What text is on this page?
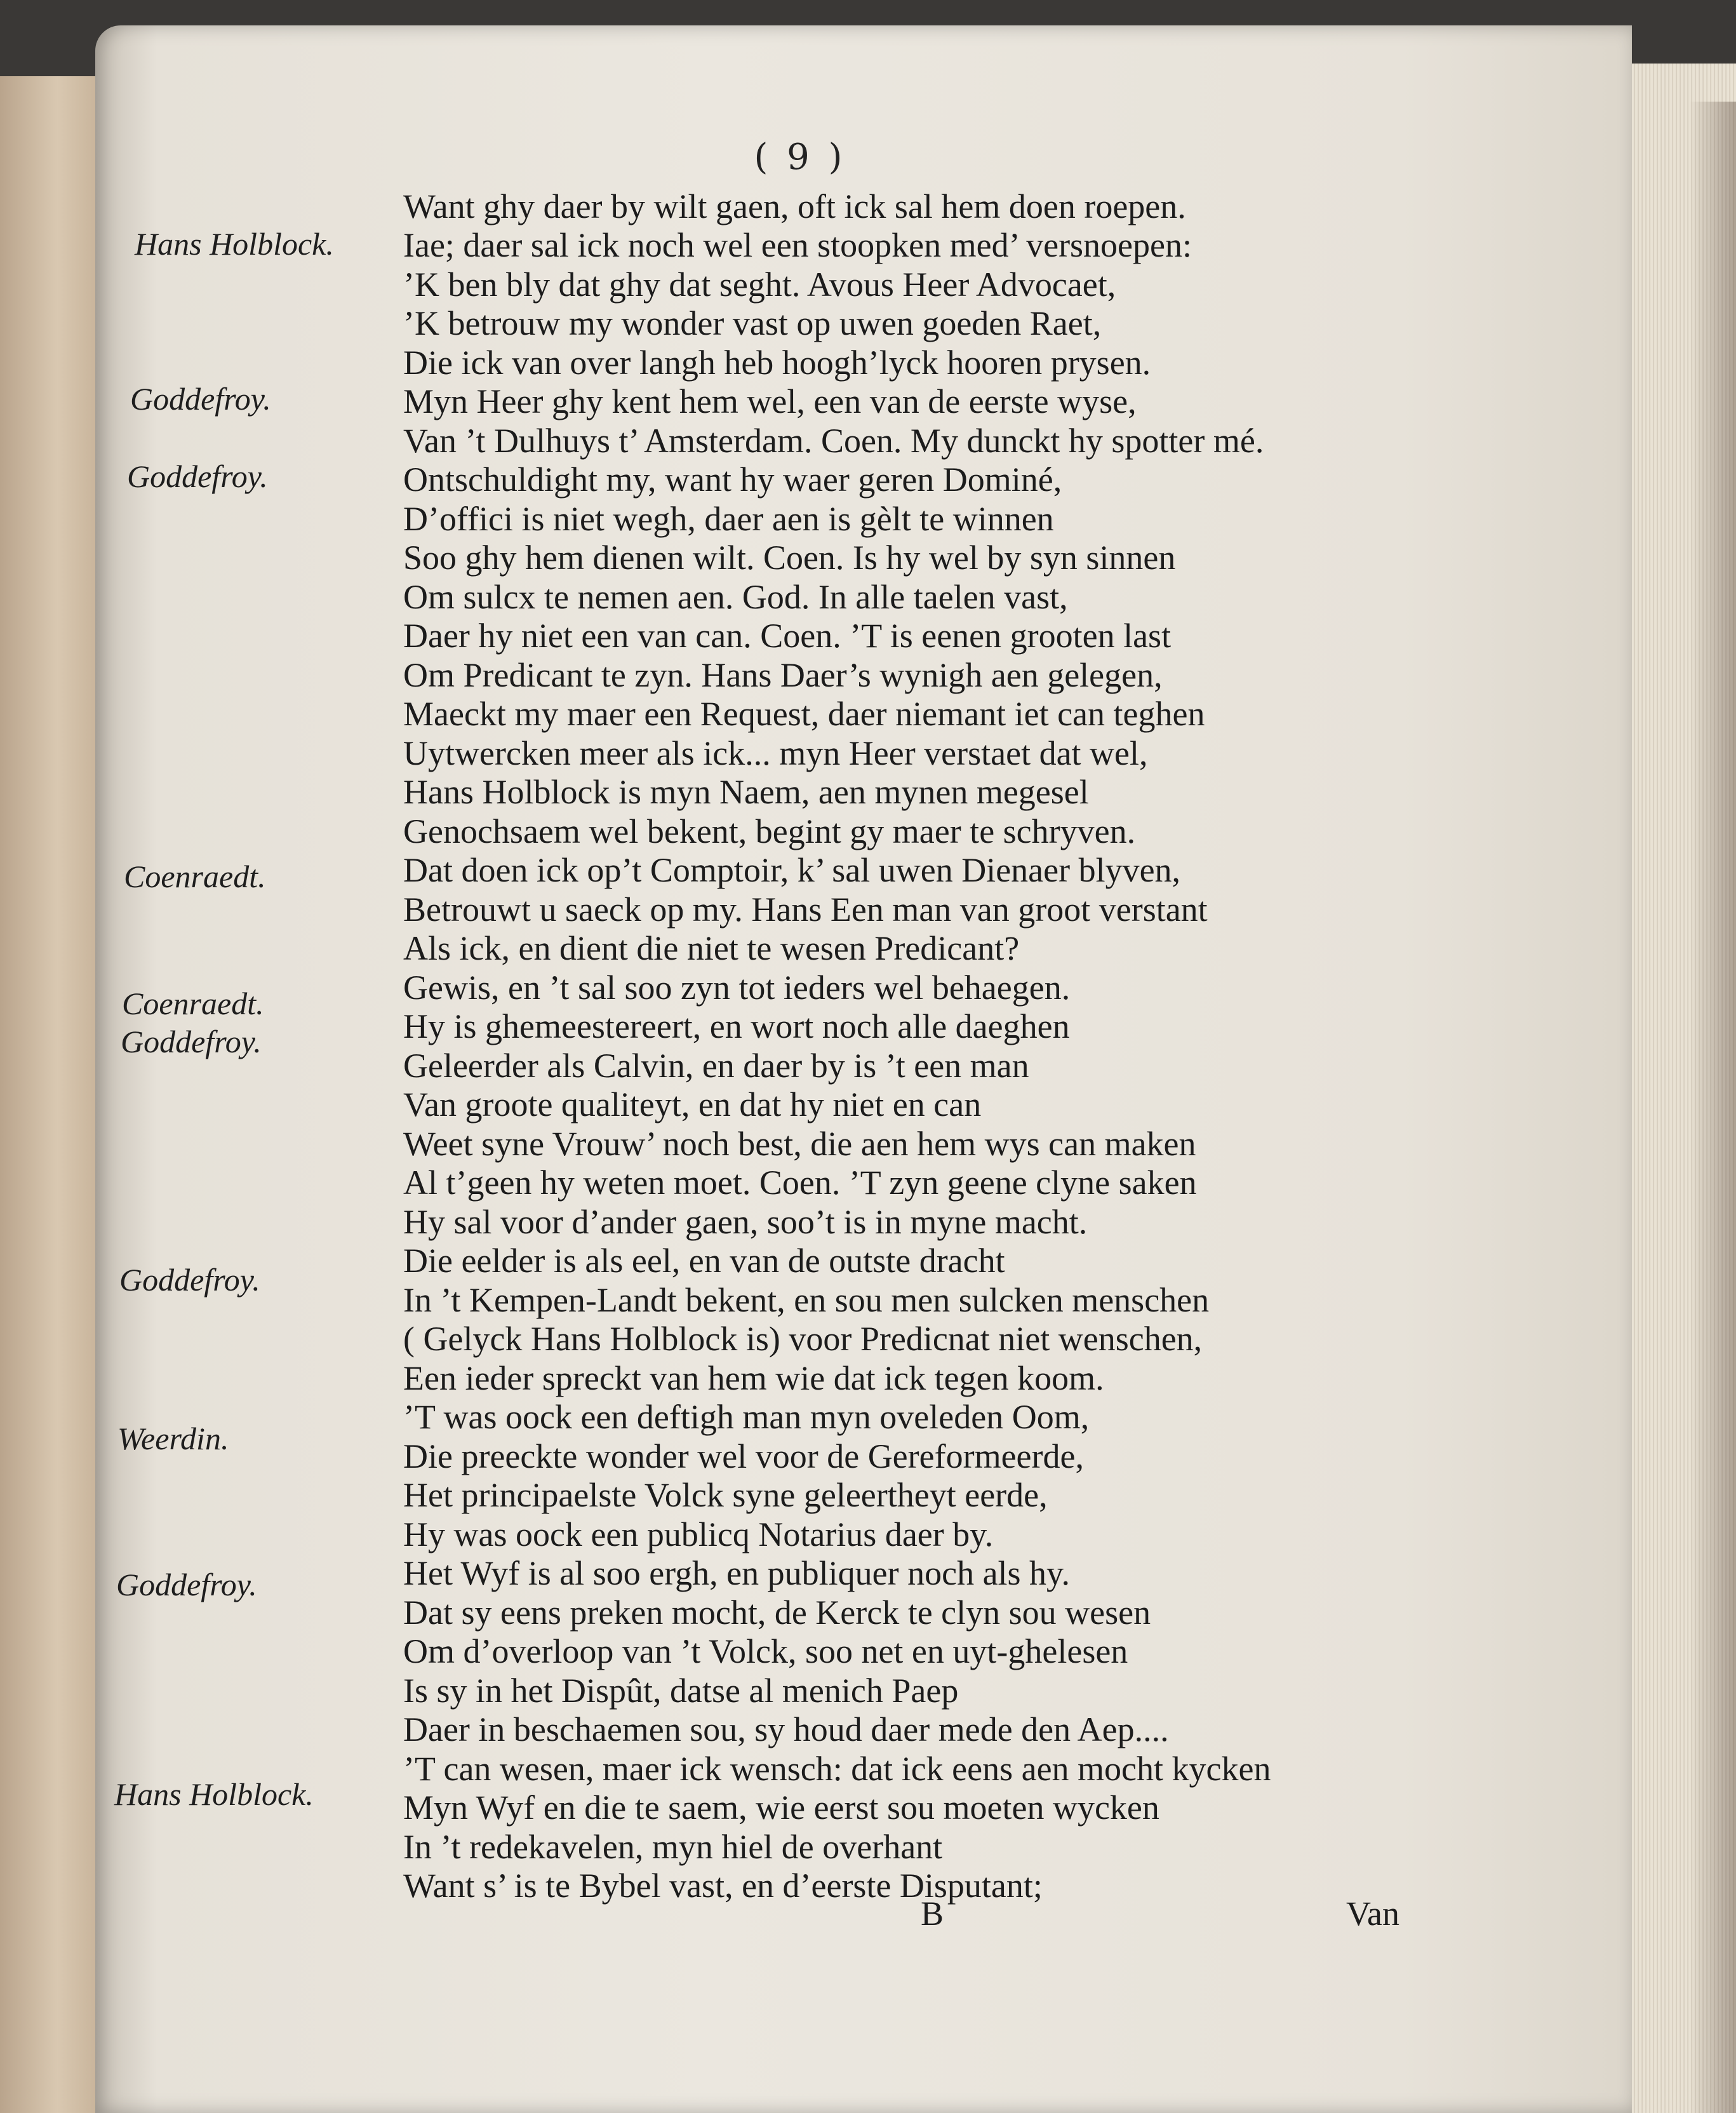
( 9 )
Hans Holblock.
Goddefroy.
Goddefroy.
Coenraedt.
Coenraedt.
Goddefroy.
Goddefroy.
Weerdin.
Goddefroy.
Hans Holblock.
Want ghy daer by wilt gaen, oft ick sal hem doen roepen.
Iae; daer sal ick noch wel een stoopken med’ versnoepen:
’K ben bly dat ghy dat seght. Avous Heer Advocaet,
’K betrouw my wonder vast op uwen goeden Raet,
Die ick van over langh heb hoogh’lyck hooren prysen.
Myn Heer ghy kent hem wel, een van de eerste wyse,
Van ’t Dulhuys t’ Amsterdam. Coen. My dunckt hy spotter mé.
Ontschuldight my, want hy waer geren Dominé,
D’offici is niet wegh, daer aen is gèlt te winnen
Soo ghy hem dienen wilt. Coen. Is hy wel by syn sinnen
Om sulcx te nemen aen. God. In alle taelen vast,
Daer hy niet een van can. Coen. ’T is eenen grooten last
Om Predicant te zyn. Hans Daer’s wynigh aen gelegen,
Maeckt my maer een Request, daer niemant iet can teghen
Uytwercken meer als ick... myn Heer verstaet dat wel,
Hans Holblock is myn Naem, aen mynen megesel
Genochsaem wel bekent, begint gy maer te schryven.
Dat doen ick op’t Comptoir, k’ sal uwen Dienaer blyven,
Betrouwt u saeck op my. Hans Een man van groot verstant
Als ick, en dient die niet te wesen Predicant?
Gewis, en ’t sal soo zyn tot ieders wel behaegen.
Hy is ghemeestereert, en wort noch alle daeghen
Geleerder als Calvin, en daer by is ’t een man
Van groote qualiteyt, en dat hy niet en can
Weet syne Vrouw’ noch best, die aen hem wys can maken
Al t’geen hy weten moet. Coen. ’T zyn geene clyne saken
Hy sal voor d’ander gaen, soo’t is in myne macht.
Die eelder is als eel, en van de outste dracht
In ’t Kempen-Landt bekent, en sou men sulcken menschen
( Gelyck Hans Holblock is) voor Predicnat niet wenschen,
Een ieder spreckt van hem wie dat ick tegen koom.
’T was oock een deftigh man myn oveleden Oom,
Die preeckte wonder wel voor de Gereformeerde,
Het principaelste Volck syne geleertheyt eerde,
Hy was oock een publicq Notarius daer by.
Het Wyf is al soo ergh, en publiquer noch als hy.
Dat sy eens preken mocht, de Kerck te clyn sou wesen
Om d’overloop van ’t Volck, soo net en uyt-ghelesen
Is sy in het Dispût, datse al menich Paep
Daer in beschaemen sou, sy houd daer mede den Aep....
’T can wesen, maer ick wensch: dat ick eens aen mocht kycken
Myn Wyf en die te saem, wie eerst sou moeten wycken
In ’t redekavelen, myn hiel de overhant
Want s’ is te Bybel vast, en d’eerste Disputant;
B	Van
